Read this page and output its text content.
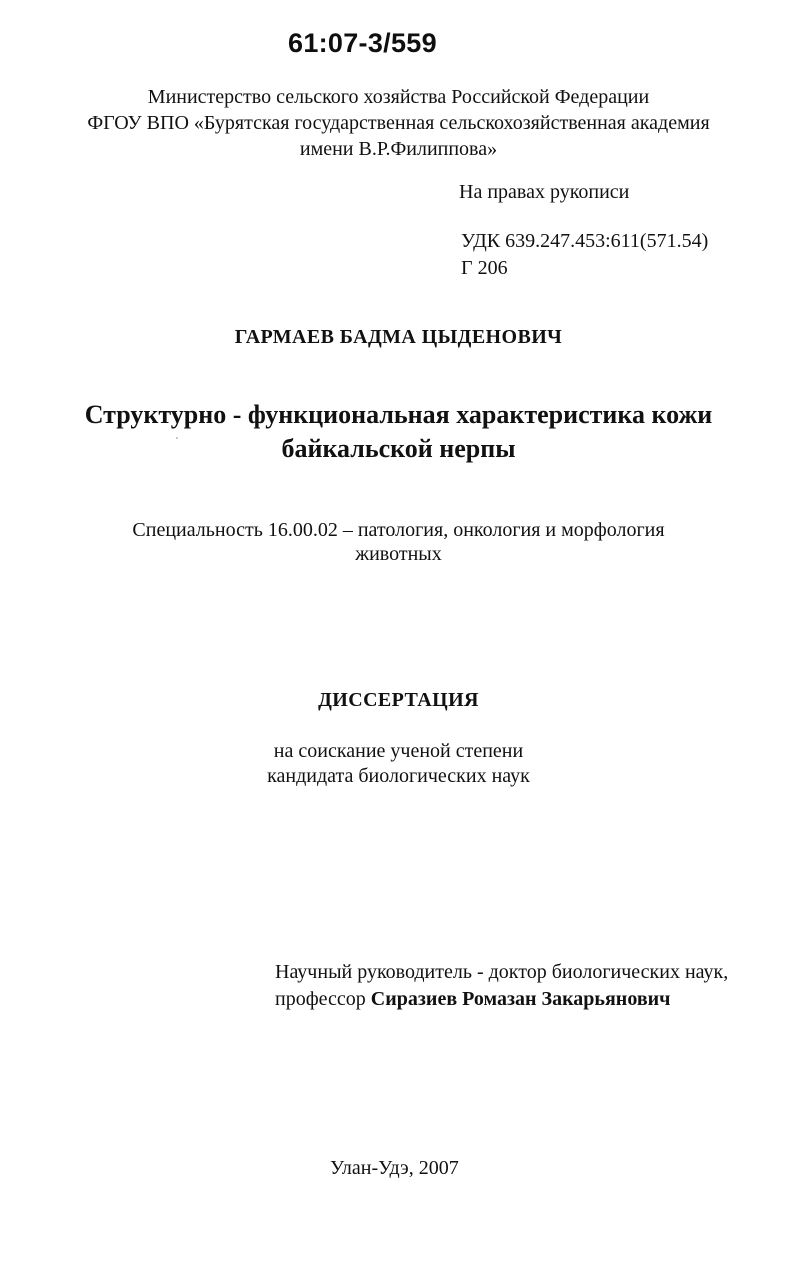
61:07-3/559
Министерство сельского хозяйства Российской Федерации
ФГОУ ВПО «Бурятская государственная сельскохозяйственная академия
имени В.Р.Филиппова»
На правах рукописи
УДК 639.247.453:611(571.54)
Г 206
ГАРМАЕВ БАДМА ЦЫДЕНОВИЧ
Структурно - функциональная характеристика кожи
байкальской нерпы
Специальность 16.00.02 – патология, онкология и морфология
животных
ДИССЕРТАЦИЯ
на соискание ученой степени
кандидата биологических наук
Научный руководитель - доктор биологических наук,
профессор Сиразиев Ромазан Закарьянович
Улан-Удэ, 2007
